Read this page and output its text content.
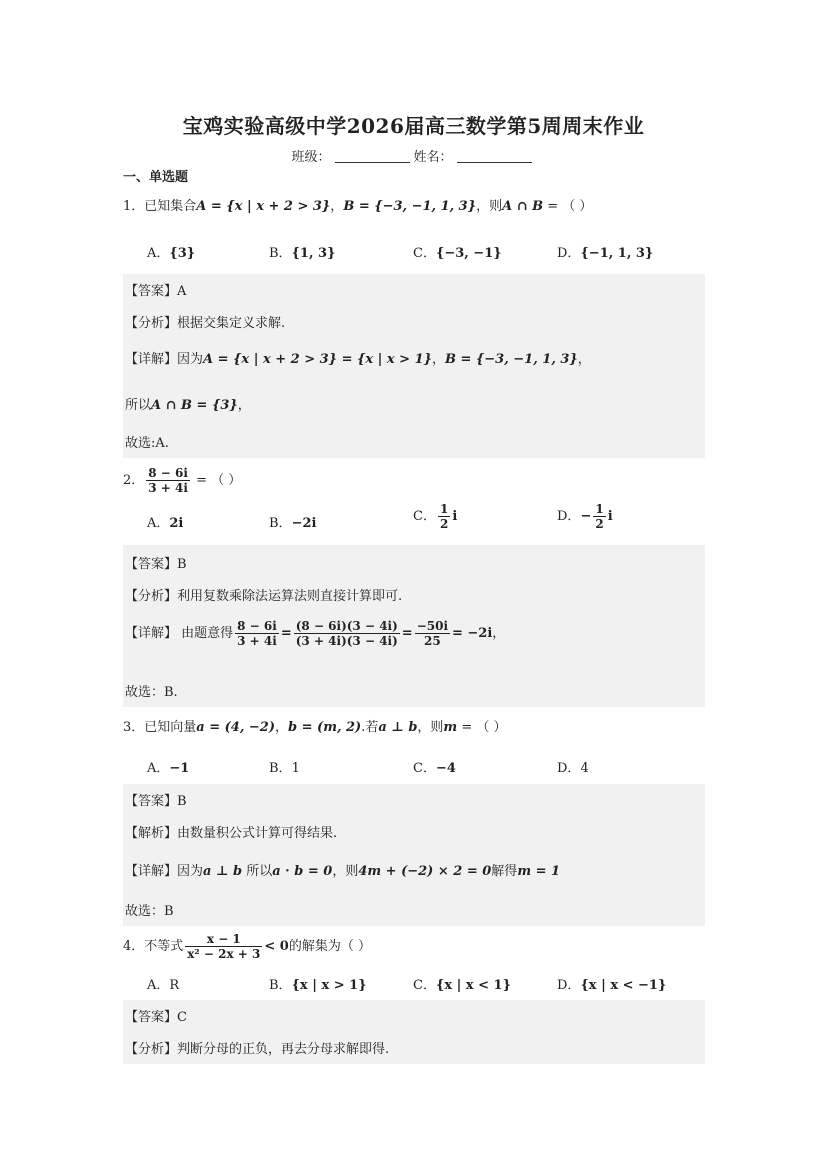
宝鸡实验高级中学2026届高三数学第5周周末作业
班级：	姓名：
一、单选题
1．已知集合A = {x | x + 2 > 3}，B = {−3, −1, 1, 3}，则A ∩ B = （ ）
A．{3}	B．{1, 3}	C．{−3, −1}	D．{−1, 1, 3}
【答案】A
【分析】根据交集定义求解.
【详解】因为A = {x | x + 2 > 3} = {x | x > 1}，B = {−3, −1, 1, 3}，
所以A ∩ B = {3}，
故选:A.
2． $\frac{8 - 6i}{3 + 4i}$ = （ ）
A．2i	B．−2i	C． $\frac{1}{2}$ i	D．− $\frac{1}{2}$ i
【答案】B
【分析】利用复数乘除法运算法则直接计算即可.
【详解】 由题意得 $\frac{8 - 6i}{3 + 4i} = \frac{(8 - 6i)(3 - 4i)}{(3 + 4i)(3 - 4i)} = \frac{-50i}{25} = -2i$，
故选：B.
3．已知向量a = (4, −2)，b = (m, 2).若a ⊥ b，则m = （ ）
A．−1	B．1	C．−4	D．4
【答案】B
【解析】由数量积公式计算可得结果.
【详解】因为a ⊥ b 所以a · b = 0，则4m + (−2) × 2 = 0解得m = 1
故选：B
4．不等式 $\frac{x - 1}{\text{x² − 2x + 3}} < 0$的解集为（ ）
A．R	B．{x | x > 1}	C．{x | x < 1}	D．{x | x < −1}
【答案】C
【分析】判断分母的正负，再去分母求解即得.
